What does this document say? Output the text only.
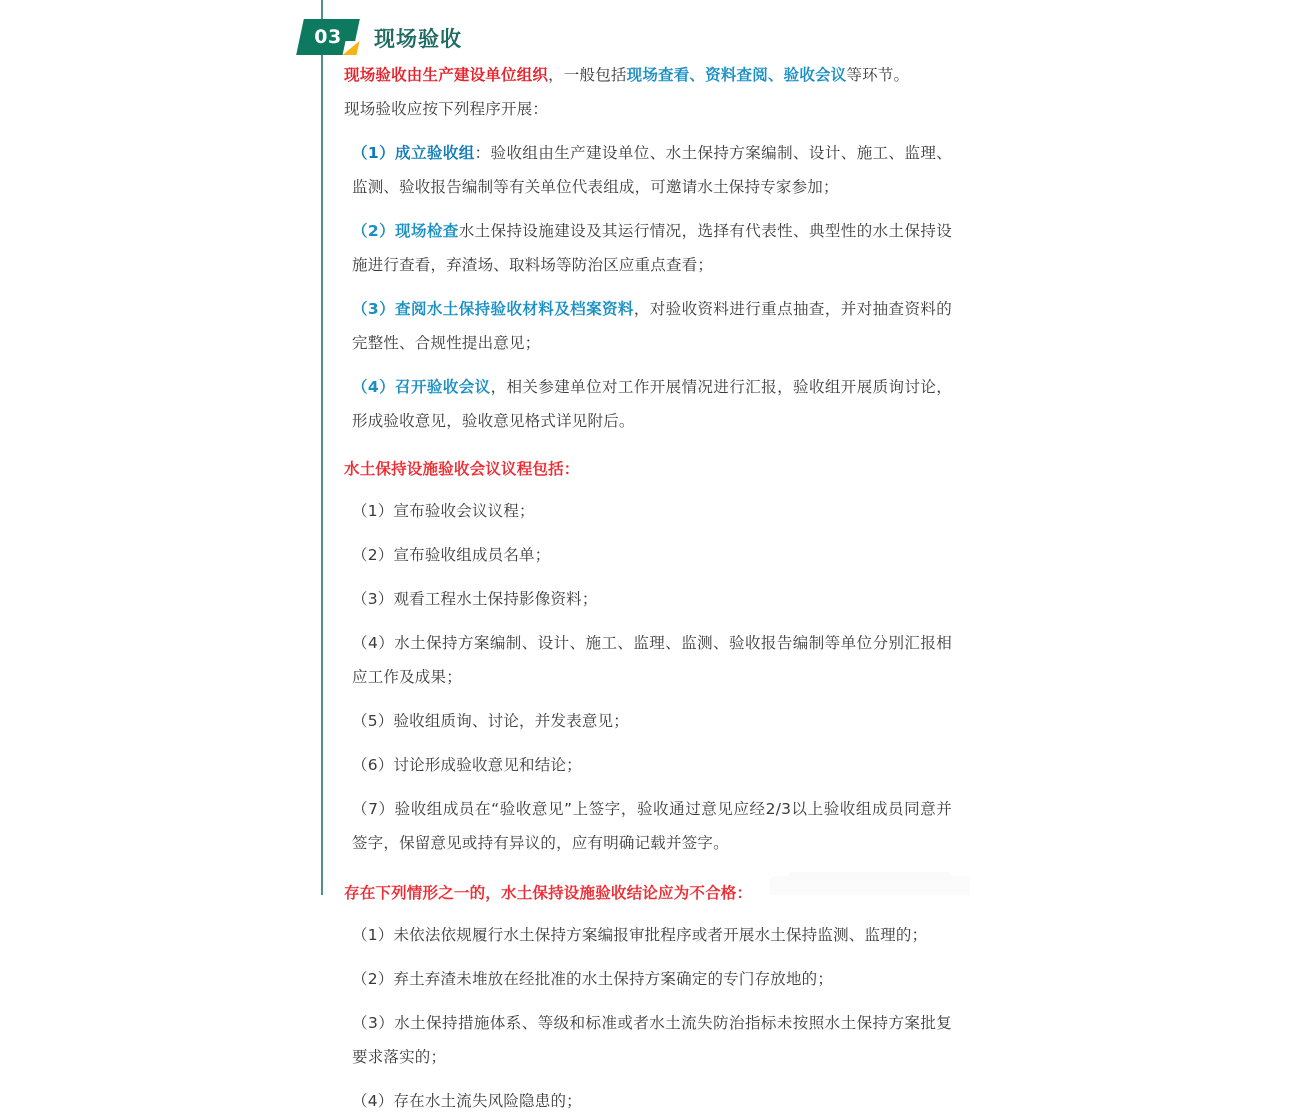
03	现场验收

现场验收由生产建设单位组织，一般包括现场查看、资料查阅、验收会议等环节。

现场验收应按下列程序开展：

（1）成立验收组：验收组由生产建设单位、水土保持方案编制、设计、施工、监理、监测、验收报告编制等有关单位代表组成，可邀请水土保持专家参加；

（2）现场检查水土保持设施建设及其运行情况，选择有代表性、典型性的水土保持设施进行查看，弃渣场、取料场等防治区应重点查看；

（3）查阅水土保持验收材料及档案资料，对验收资料进行重点抽查，并对抽查资料的完整性、合规性提出意见；

（4）召开验收会议，相关参建单位对工作开展情况进行汇报，验收组开展质询讨论，形成验收意见，验收意见格式详见附后。

水土保持设施验收会议议程包括：

（1）宣布验收会议议程；

（2）宣布验收组成员名单；

（3）观看工程水土保持影像资料；

（4）水土保持方案编制、设计、施工、监理、监测、验收报告编制等单位分别汇报相应工作及成果；

（5）验收组质询、讨论，并发表意见；

（6）讨论形成验收意见和结论；

（7）验收组成员在“验收意见”上签字，验收通过意见应经2/3以上验收组成员同意并签字，保留意见或持有异议的，应有明确记载并签字。

存在下列情形之一的，水土保持设施验收结论应为不合格：

（1）未依法依规履行水土保持方案编报审批程序或者开展水土保持监测、监理的；

（2）弃土弃渣未堆放在经批准的水土保持方案确定的专门存放地的；

（3）水土保持措施体系、等级和标准或者水土流失防治指标未按照水土保持方案批复要求落实的；

（4）存在水土流失风险隐患的；
